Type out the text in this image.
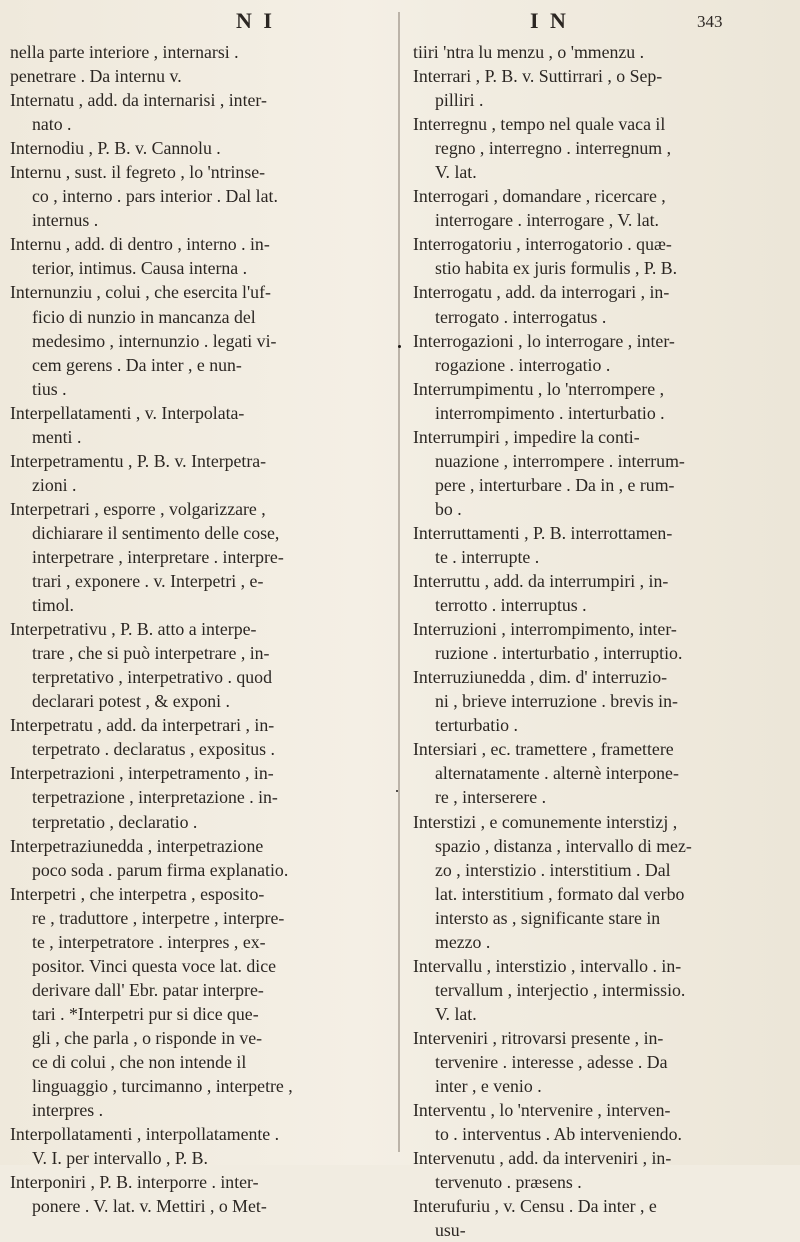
N I	I N	343
nella parte interiore , internarsi .
penetrare . Da internu v.
Internatu , add. da internarisi , inter-
nato .
Internodiu , P. B. v. Cannolu .
Internu , sust. il fegreto , lo 'ntrinse-
co , interno . pars interior . Dal lat.
internus .
Internu , add. di dentro , interno . in-
terior, intimus. Causa interna .
Internunziu , colui , che esercita l'uf-
ficio di nunzio in mancanza del
medesimo , internunzio . legati vi-
cem gerens . Da inter , e nun-
tius .
Interpellatamenti , v. Interpolata-
menti .
Interpetramentu , P. B. v. Interpetra-
zioni .
Interpetrari , esporre , volgarizzare ,
dichiarare il sentimento delle cose,
interpetrare , interpretare . interpre-
trari , exponere . v. Interpetri , e-
timol.
Interpetrativu , P. B. atto a interpe-
trare , che si può interpetrare , in-
terpretativo , interpetrativo . quod
declarari potest , & exponi .
Interpetratu , add. da interpetrari , in-
terpetrato . declaratus , expositus .
Interpetrazioni , interpetramento , in-
terpetrazione , interpretazione . in-
terpretatio , declaratio .
Interpetraziunedda , interpetrazione
poco soda . parum firma explanatio.
Interpetri , che interpetra , esposito-
re , traduttore , interpetre , interpre-
te , interpetratore . interpres , ex-
positor. Vinci questa voce lat. dice
derivare dall' Ebr. patar interpre-
tari . *Interpetri pur si dice que-
gli , che parla , o risponde in ve-
ce di colui , che non intende il
linguaggio , turcimanno , interpetre ,
interpres .
Interpollatamenti , interpollatamente .
V. I. per intervallo , P. B.
Interponiri , P. B. interporre . inter-
ponere . V. lat. v. Mettiri , o Met-
tiiri 'ntra lu menzu , o 'mmenzu .
Interrari , P. B. v. Suttirrari , o Sep-
pilliri .
Interregnu , tempo nel quale vaca il
regno , interregno . interregnum ,
V. lat.
Interrogari , domandare , ricercare ,
interrogare . interrogare , V. lat.
Interrogatoriu , interrogatorio . quæ-
stio habita ex juris formulis , P. B.
Interrogatu , add. da interrogari , in-
terrogato . interrogatus .
Interrogazioni , lo interrogare , inter-
rogazione . interrogatio .
Interrumpimentu , lo 'nterrompere ,
interrompimento . interturbatio .
Interrumpiri , impedire la conti-
nuazione , interrompere . interrum-
pere , interturbare . Da in , e rum-
bo .
Interruttamenti , P. B. interrottamen-
te . interrupte .
Interruttu , add. da interrumpiri , in-
terrotto . interruptus .
Interruzioni , interrompimento, inter-
ruzione . interturbatio , interruptio.
Interruziunedda , dim. d' interruzio-
ni , brieve interruzione . brevis in-
terturbatio .
Intersiari , ec. tramettere , framettere
alternatamente . alternè interpone-
re , interserere .
Interstizi , e comunemente interstizj ,
spazio , distanza , intervallo di mez-
zo , interstizio . interstitium . Dal
lat. interstitium , formato dal verbo
intersto as , significante stare in
mezzo .
Intervallu , interstizio , intervallo . in-
tervallum , interjectio , intermissio.
V. lat.
Interveniri , ritrovarsi presente , in-
tervenire . interesse , adesse . Da
inter , e venio .
Interventu , lo 'ntervenire , interven-
to . interventus . Ab interveniendo.
Intervenutu , add. da interveniri , in-
tervenuto . præsens .
Interufuriu , v. Censu . Da inter , e
usu-
